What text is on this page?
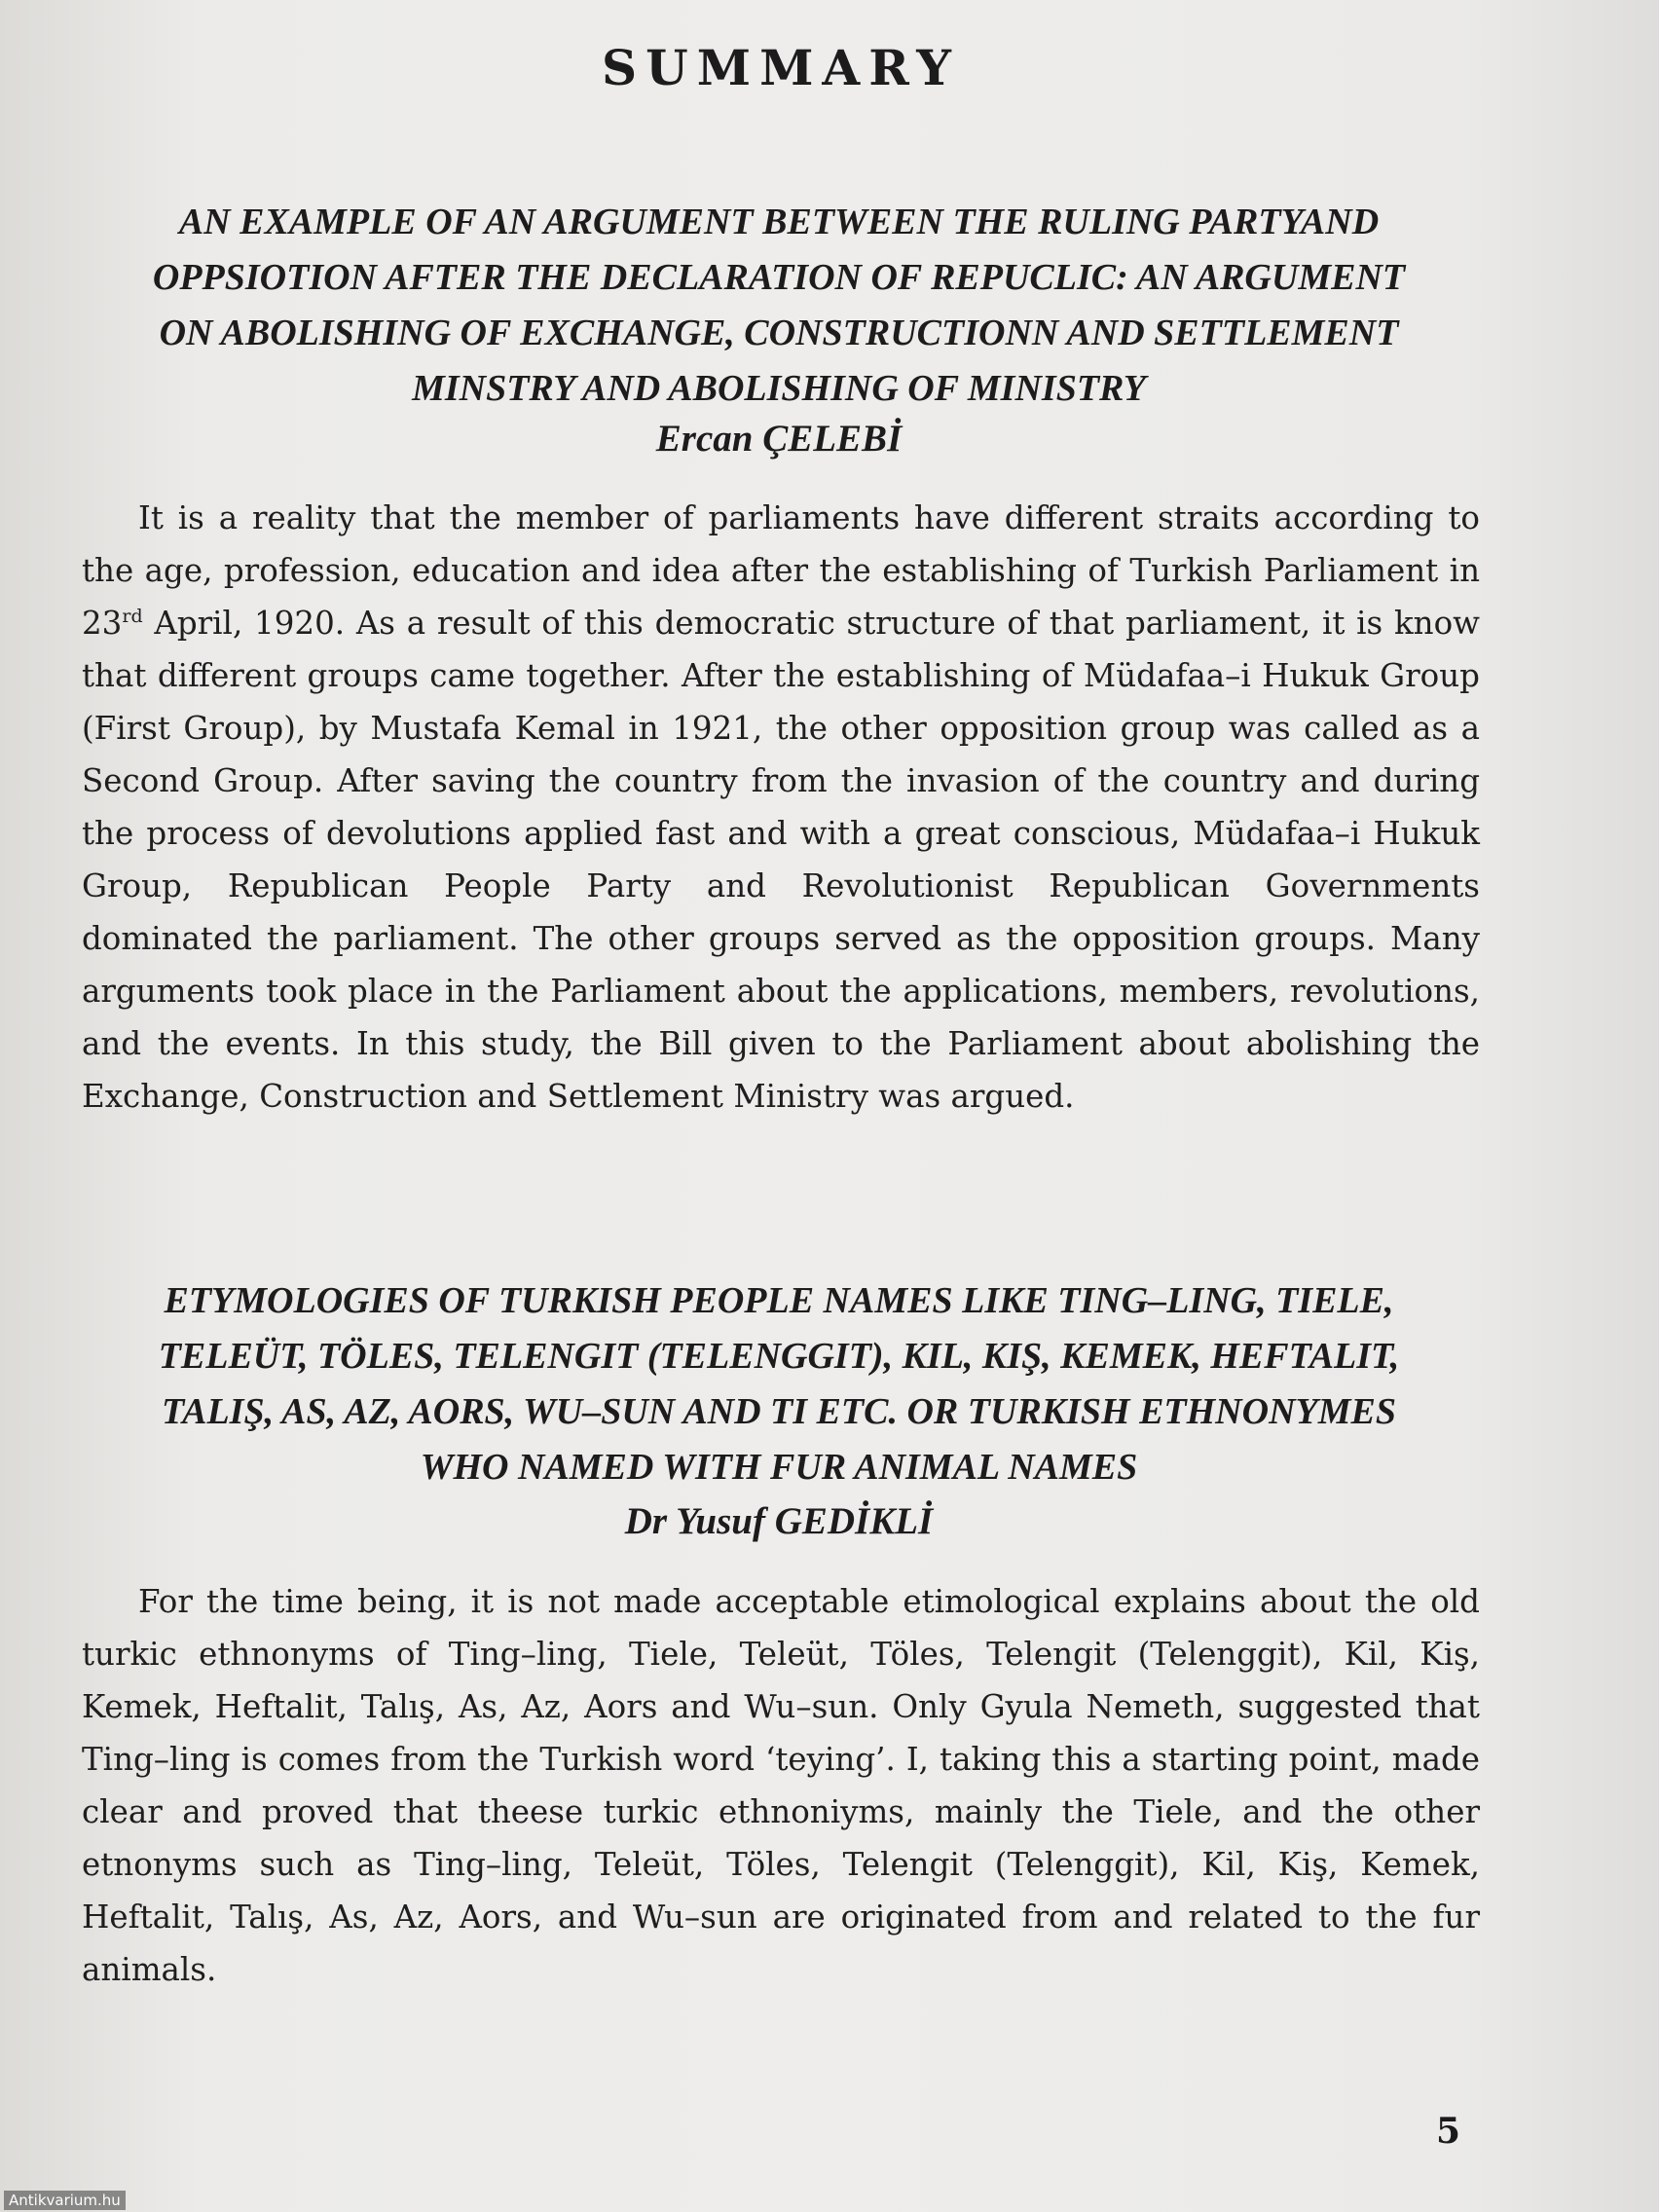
SUMMARY
AN EXAMPLE OF AN ARGUMENT BETWEEN THE RULING PARTYAND
OPPSIOTION AFTER THE DECLARATION OF REPUCLIC: AN ARGUMENT
ON ABOLISHING OF EXCHANGE, CONSTRUCTIONN AND SETTLEMENT
MINSTRY AND ABOLISHING OF MINISTRY
Ercan ÇELEBİ

It is a reality that the member of parliaments have different straits according to the age, profession, education and idea after the establishing of Turkish Parliament in 23rd April, 1920. As a result of this democratic structure of that parliament, it is know that different groups came together. After the establishing of Müdafaa–i Hukuk Group (First Group), by Mustafa Kemal in 1921, the other opposition group was called as a Second Group. After saving the country from the invasion of the country and during the process of devolutions applied fast and with a great conscious, Müdafaa–i Hukuk Group, Republican People Party and Revolutionist Republican Governments dominated the parliament. The other groups served as the opposition groups. Many arguments took place in the Parliament about the applications, members, revolutions, and the events. In this study, the Bill given to the Parliament about abolishing the Exchange, Construction and Settlement Ministry was argued.

ETYMOLOGIES OF TURKISH PEOPLE NAMES LIKE TING–LING, TIELE,
TELEÜT, TÖLES, TELENGIT (TELENGGIT), KIL, KIŞ, KEMEK, HEFTALIT,
TALIŞ, AS, AZ, AORS, WU–SUN AND TI ETC. OR TURKISH ETHNONYMES
WHO NAMED WITH FUR ANIMAL NAMES
Dr Yusuf GEDİKLİ

For the time being, it is not made acceptable etimological explains about the old turkic ethnonyms of Ting–ling, Tiele, Teleüt, Töles, Telengit (Telenggit), Kil, Kiş, Kemek, Heftalit, Talış, As, Az, Aors and Wu–sun. Only Gyula Nemeth, suggested that Ting–ling is comes from the Turkish word ‘teying’. I, taking this a starting point, made clear and proved that theese turkic ethnoniyms, mainly the Tiele, and the other etnonyms such as Ting–ling, Teleüt, Töles, Telengit (Telenggit), Kil, Kiş, Kemek, Heftalit, Talış, As, Az, Aors, and Wu–sun are originated from and related to the fur animals.

5
Antikvarium.hu
